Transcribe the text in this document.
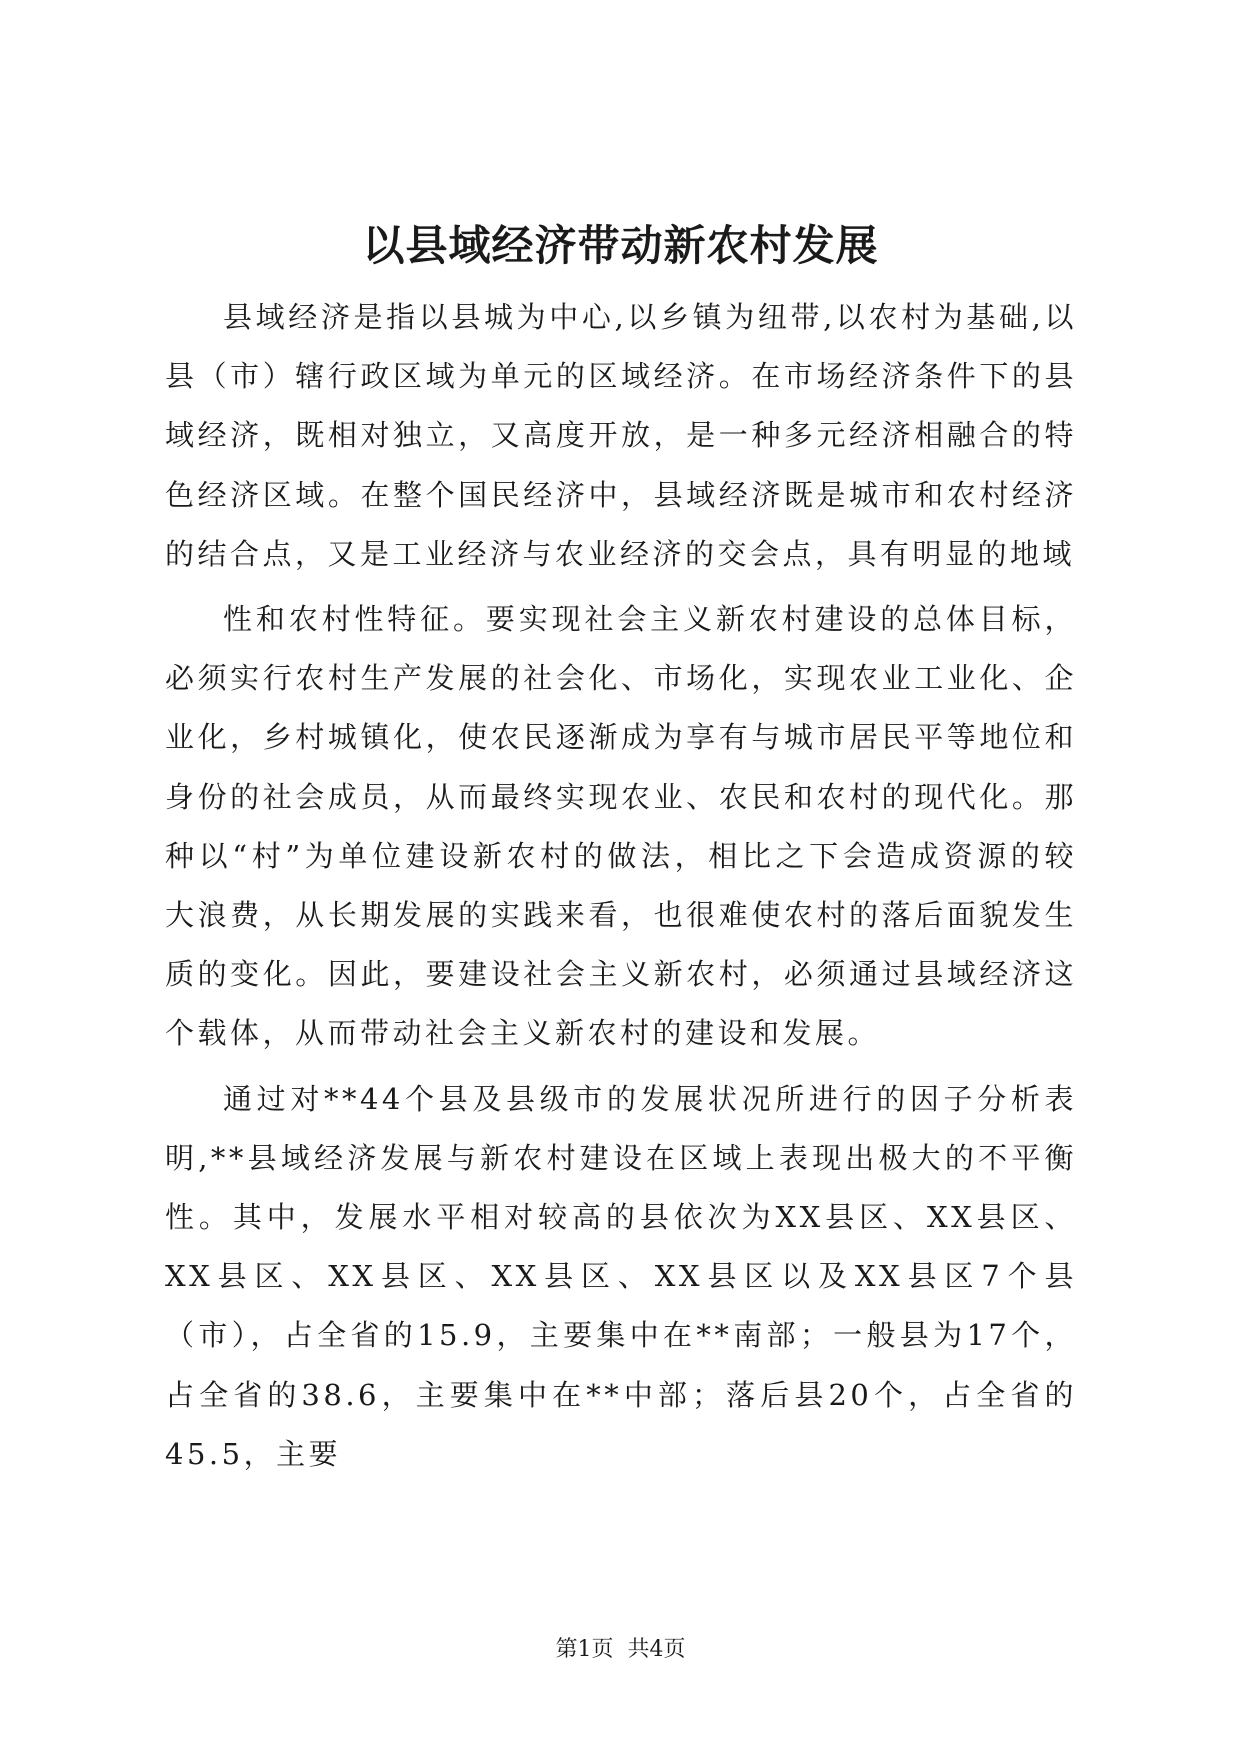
以县域经济带动新农村发展

县域经济是指以县城为中心,以乡镇为纽带,以农村为基础,以县（市）辖行政区域为单元的区域经济。在市场经济条件下的县域经济，既相对独立，又高度开放，是一种多元经济相融合的特色经济区域。在整个国民经济中，县域经济既是城市和农村经济的结合点，又是工业经济与农业经济的交会点，具有明显的地域

性和农村性特征。要实现社会主义新农村建设的总体目标，必须实行农村生产发展的社会化、市场化，实现农业工业化、企业化，乡村城镇化，使农民逐渐成为享有与城市居民平等地位和身份的社会成员，从而最终实现农业、农民和农村的现代化。那种以“村”为单位建设新农村的做法，相比之下会造成资源的较大浪费，从长期发展的实践来看，也很难使农村的落后面貌发生质的变化。因此，要建设社会主义新农村，必须通过县域经济这个载体，从而带动社会主义新农村的建设和发展。

通过对**44个县及县级市的发展状况所进行的因子分析表明,**县域经济发展与新农村建设在区域上表现出极大的不平衡性。其中，发展水平相对较高的县依次为XX县区、XX县区、XX县区、XX县区、XX县区、XX县区以及XX县区7个县（市），占全省的15.9，主要集中在**南部；一般县为17个，占全省的38.6，主要集中在**中部；落后县20个，占全省的45.5，主要

第1页 共4页
